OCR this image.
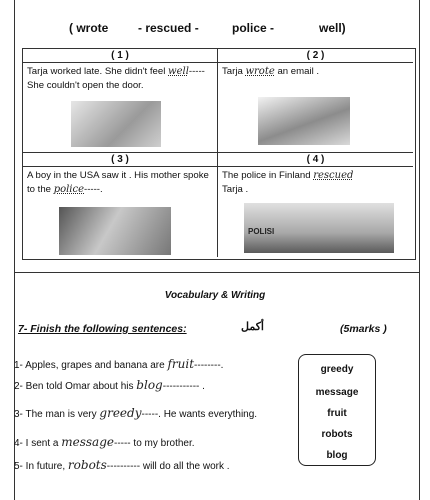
( wrote - rescued -	police -	well)
( 1 )
Tarja worked late. She didn't feel well-----She couldn't open the door.
( 2 )
Tarja wrote an email .
( 3 )
A boy in the USA saw it . His mother spoke to the police-----.
( 4 )
The police in Finland rescued
Tarja .
POLISI
Vocabulary & Writing
7- Finish the following sentences:	أكمل	(5marks )
1- Apples, grapes and banana are fruit--------.
2- Ben told Omar about his blog----------- .
3- The man is very greedy-----. He wants everything.
4- I sent a message----- to my brother.
5- In future, robots---------- will do all the work .
greedy
message
fruit
robots
blog
